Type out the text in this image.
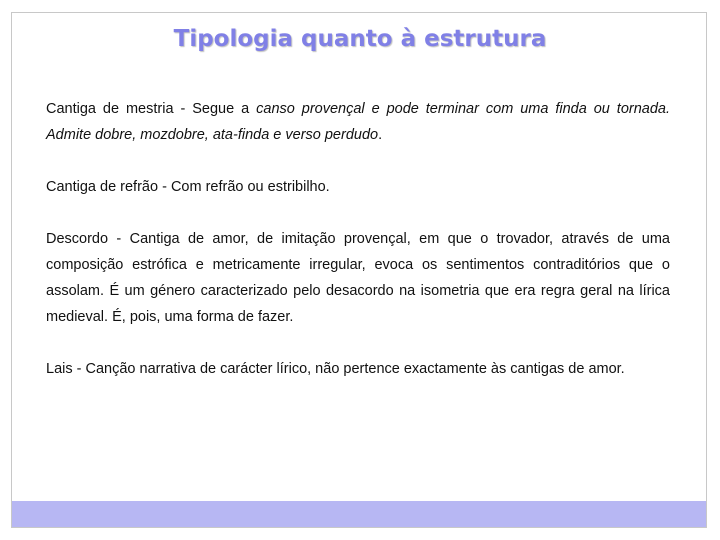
Tipologia quanto à estrutura

Cantiga de mestria - Segue a canso provençal e pode terminar com uma finda ou tornada. Admite dobre, mozdobre, ata-finda e verso perdudo.

Cantiga de refrão - Com refrão ou estribilho.

Descordo - Cantiga de amor, de imitação provençal, em que o trovador, através de uma composição estrófica e metricamente irregular, evoca os sentimentos contraditórios que o assolam. É um género caracterizado pelo desacordo na isometria que era regra geral na lírica medieval. É, pois, uma forma de fazer.

Lais - Canção narrativa de carácter lírico, não pertence exactamente às cantigas de amor.
